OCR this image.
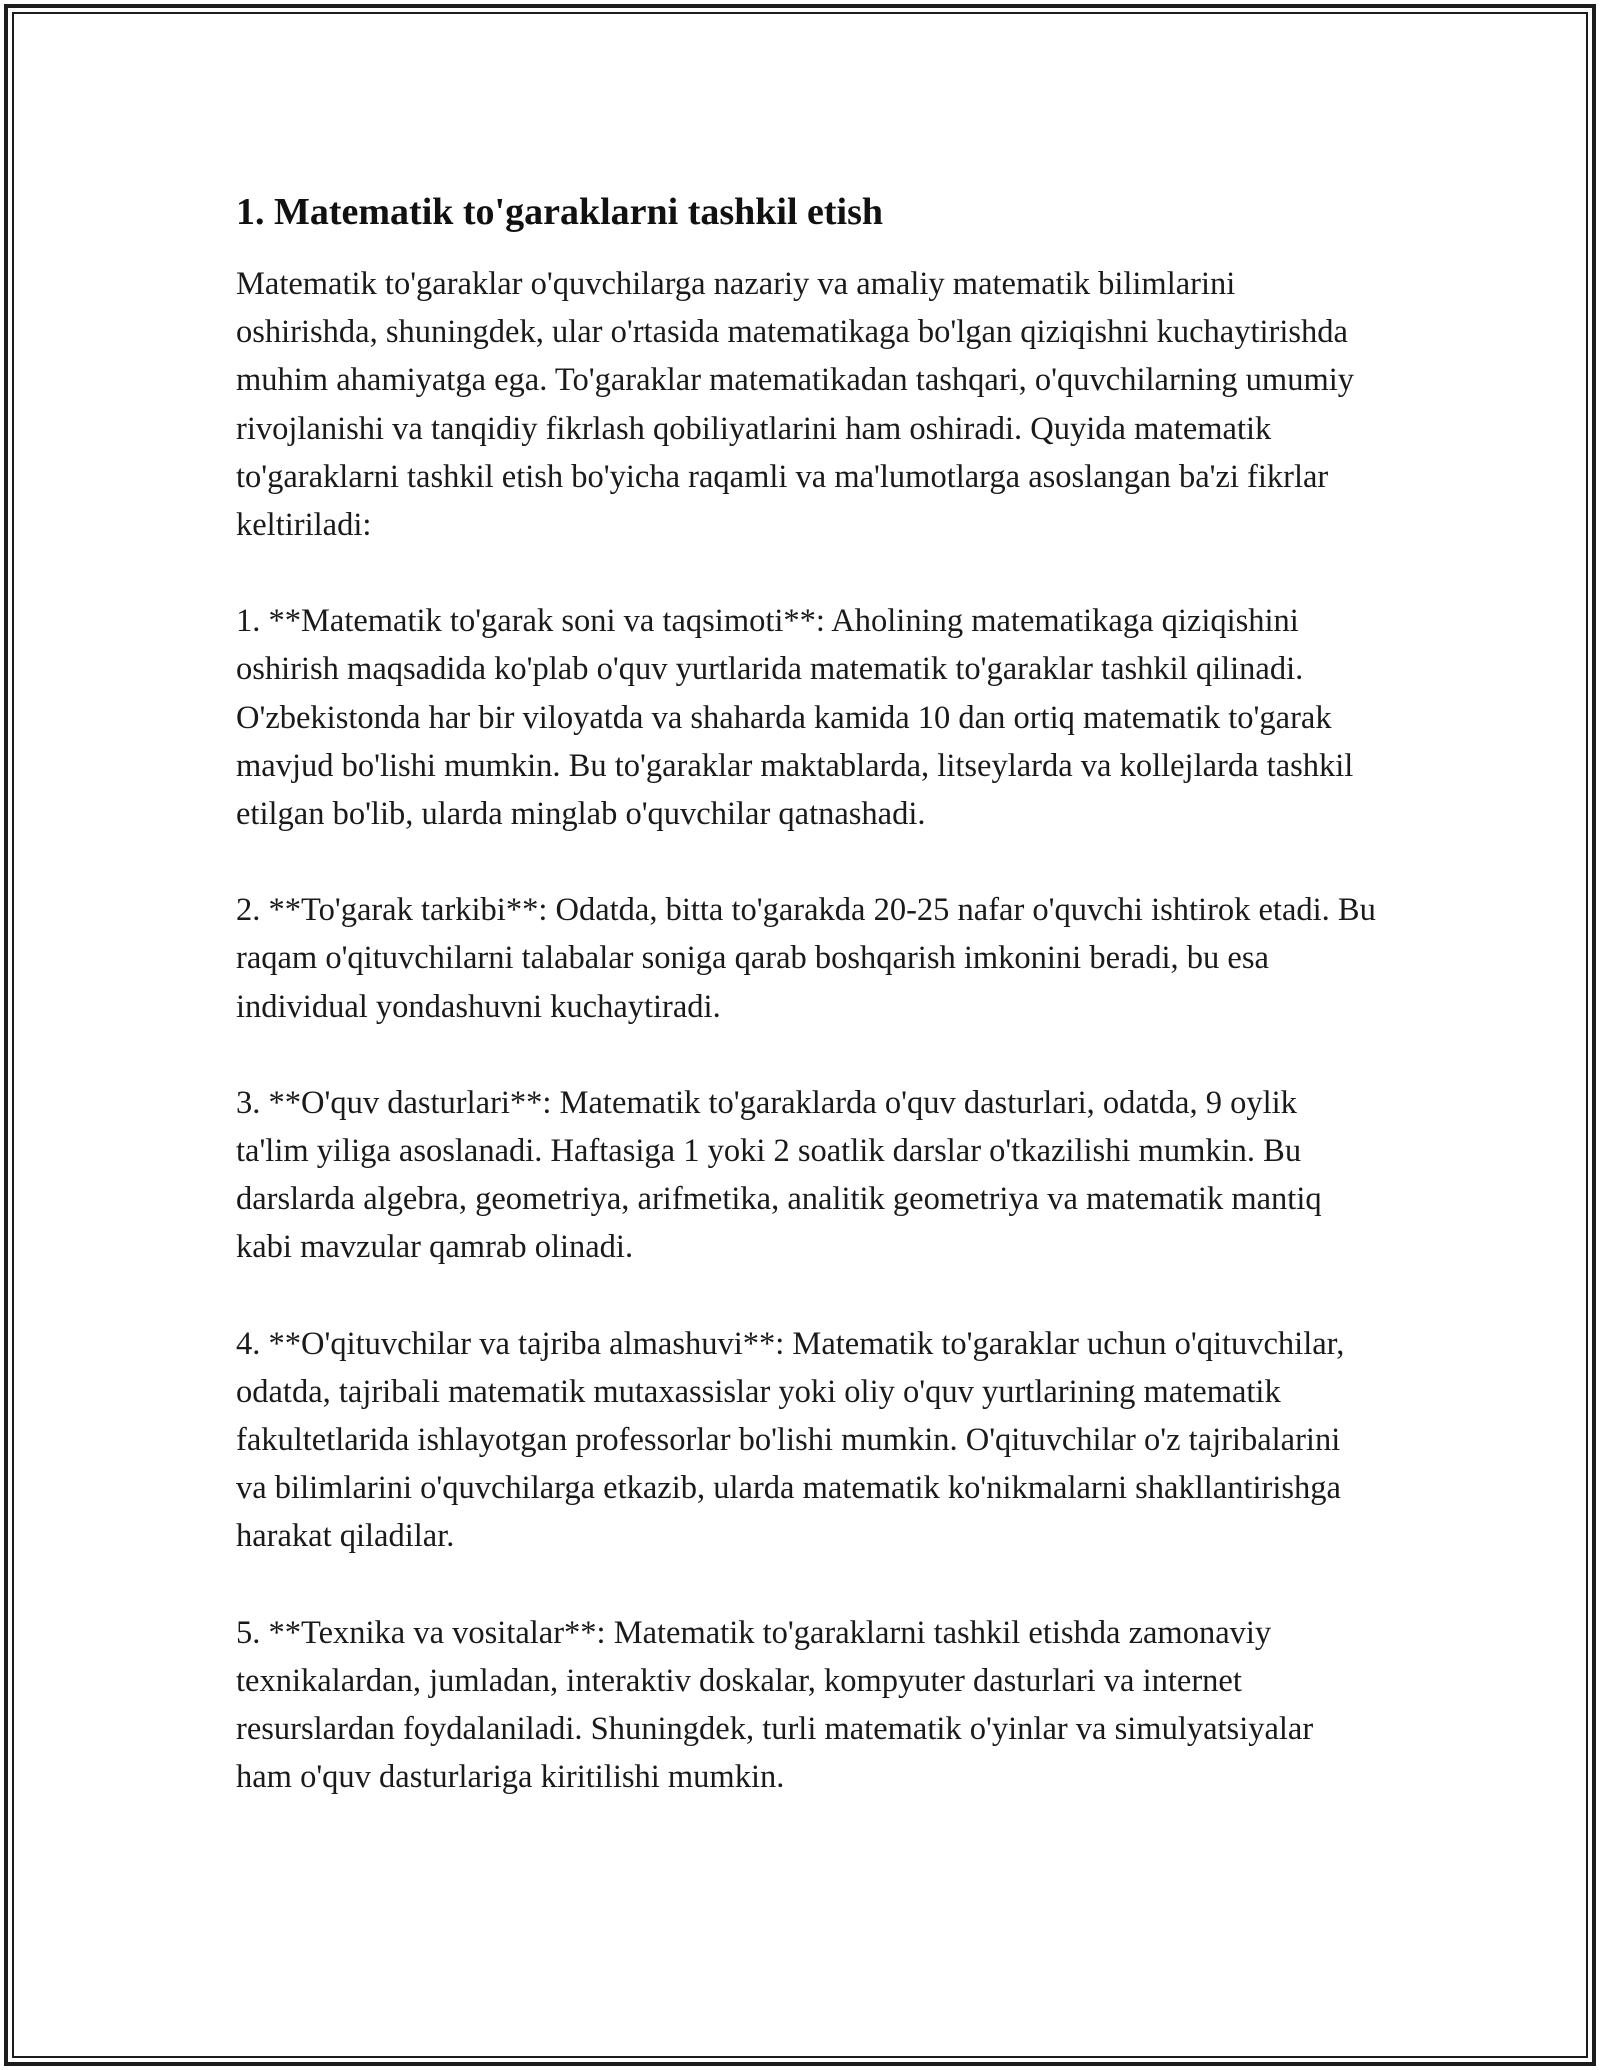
1. Matematik to'garaklarni tashkil etish

Matematik to'garaklar o'quvchilarga nazariy va amaliy matematik bilimlarini oshirishda, shuningdek, ular o'rtasida matematikaga bo'lgan qiziqishni kuchaytirishda muhim ahamiyatga ega. To'garaklar matematikadan tashqari, o'quvchilarning umumiy rivojlanishi va tanqidiy fikrlash qobiliyatlarini ham oshiradi. Quyida matematik to'garaklarni tashkil etish bo'yicha raqamli va ma'lumotlarga asoslangan ba'zi fikrlar keltiriladi:

1. **Matematik to'garak soni va taqsimoti**: Aholining matematikaga qiziqishini oshirish maqsadida ko'plab o'quv yurtlarida matematik to'garaklar tashkil qilinadi. O'zbekistonda har bir viloyatda va shaharda kamida 10 dan ortiq matematik to'garak mavjud bo'lishi mumkin. Bu to'garaklar maktablarda, litseylarda va kollejlarda tashkil etilgan bo'lib, ularda minglab o'quvchilar qatnashadi.

2. **To'garak tarkibi**: Odatda, bitta to'garakda 20-25 nafar o'quvchi ishtirok etadi. Bu raqam o'qituvchilarni talabalar soniga qarab boshqarish imkonini beradi, bu esa individual yondashuvni kuchaytiradi.

3. **O'quv dasturlari**: Matematik to'garaklarda o'quv dasturlari, odatda, 9 oylik ta'lim yiliga asoslanadi. Haftasiga 1 yoki 2 soatlik darslar o'tkazilishi mumkin. Bu darslarda algebra, geometriya, arifmetika, analitik geometriya va matematik mantiq kabi mavzular qamrab olinadi.

4. **O'qituvchilar va tajriba almashuvi**: Matematik to'garaklar uchun o'qituvchilar, odatda, tajribali matematik mutaxassislar yoki oliy o'quv yurtlarining matematik fakultetlarida ishlayotgan professorlar bo'lishi mumkin. O'qituvchilar o'z tajribalarini va bilimlarini o'quvchilarga etkazib, ularda matematik ko'nikmalarni shakllantirishga harakat qiladilar.

5. **Texnika va vositalar**: Matematik to'garaklarni tashkil etishda zamonaviy texnikalardan, jumladan, interaktiv doskalar, kompyuter dasturlari va internet resurslardan foydalaniladi. Shuningdek, turli matematik o'yinlar va simulyatsiyalar ham o'quv dasturlariga kiritilishi mumkin.
